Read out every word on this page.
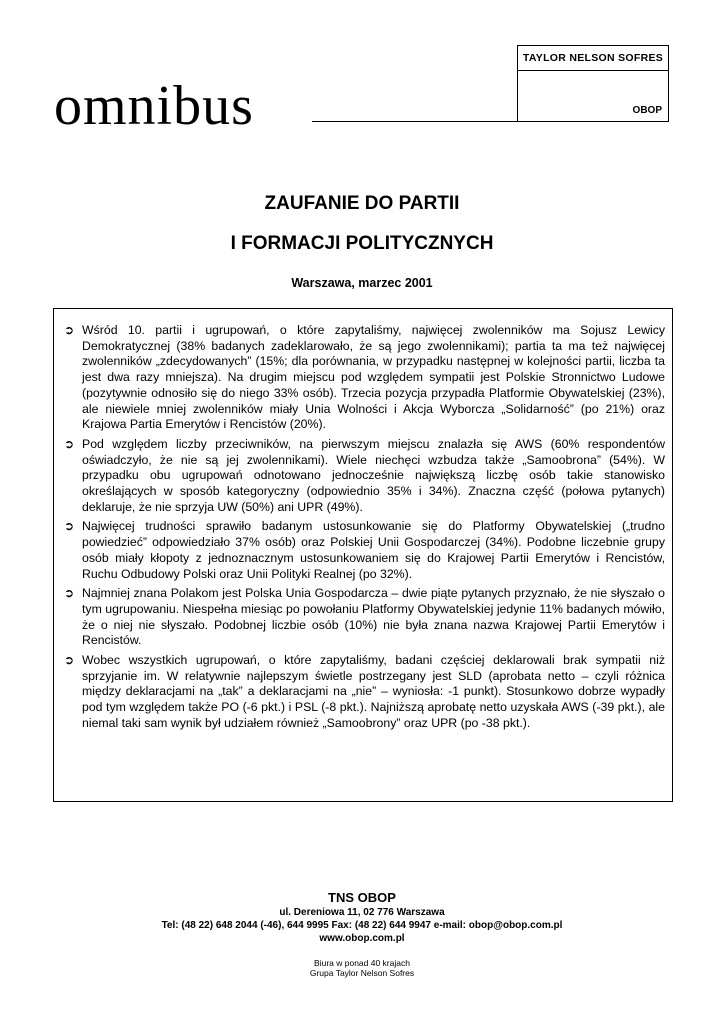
omnibus
TAYLOR NELSON SOFRES
OBOP
ZAUFANIE DO PARTII
I FORMACJI POLITYCZNYCH
Warszawa, marzec 2001
➲ Wśród 10. partii i ugrupowań, o które zapytaliśmy, najwięcej zwolenników ma Sojusz Lewicy Demokratycznej (38% badanych zadeklarowało, że są jego zwolennikami); partia ta ma też najwięcej zwolenników „zdecydowanych” (15%; dla porównania, w przypadku następnej w kolejności partii, liczba ta jest dwa razy mniejsza). Na drugim miejscu pod względem sympatii jest Polskie Stronnictwo Ludowe (pozytywnie odnosiło się do niego 33% osób). Trzecia pozycja przypadła Platformie Obywatelskiej (23%), ale niewiele mniej zwolenników miały Unia Wolności i Akcja Wyborcza „Solidarność” (po 21%) oraz Krajowa Partia Emerytów i Rencistów (20%).
➲ Pod względem liczby przeciwników, na pierwszym miejscu znalazła się AWS (60% respondentów oświadczyło, że nie są jej zwolennikami). Wiele niechęci wzbudza także „Samoobrona” (54%). W przypadku obu ugrupowań odnotowano jednocześnie największą liczbę osób takie stanowisko określających w sposób kategoryczny (odpowiednio 35% i 34%). Znaczna część (połowa pytanych) deklaruje, że nie sprzyja UW (50%) ani UPR (49%).
➲ Najwięcej trudności sprawiło badanym ustosunkowanie się do Platformy Obywatelskiej („trudno powiedzieć” odpowiedziało 37% osób) oraz Polskiej Unii Gospodarczej (34%). Podobne liczebnie grupy osób miały kłopoty z jednoznacznym ustosunkowaniem się do Krajowej Partii Emerytów i Rencistów, Ruchu Odbudowy Polski oraz Unii Polityki Realnej (po 32%).
➲ Najmniej znana Polakom jest Polska Unia Gospodarcza – dwie piąte pytanych przyznało, że nie słyszało o tym ugrupowaniu. Niespełna miesiąc po powołaniu Platformy Obywatelskiej jedynie 11% badanych mówiło, że o niej nie słyszało. Podobnej liczbie osób (10%) nie była znana nazwa Krajowej Partii Emerytów i Rencistów.
➲ Wobec wszystkich ugrupowań, o które zapytaliśmy, badani częściej deklarowali brak sympatii niż sprzyjanie im. W relatywnie najlepszym świetle postrzegany jest SLD (aprobata netto – czyli różnica między deklaracjami na „tak” a deklaracjami na „nie” – wyniosła: -1 punkt). Stosunkowo dobrze wypadły pod tym względem także PO (-6 pkt.) i PSL (-8 pkt.). Najniższą aprobatę netto uzyskała AWS (-39 pkt.), ale niemal taki sam wynik był udziałem również „Samoobrony” oraz UPR (po -38 pkt.).
TNS OBOP
ul. Dereniowa 11, 02 776 Warszawa
Tel: (48 22) 648 2044 (-46), 644 9995 Fax: (48 22) 644 9947 e-mail: obop@obop.com.pl
www.obop.com.pl
Biura w ponad 40 krajach
Grupa Taylor Nelson Sofres
